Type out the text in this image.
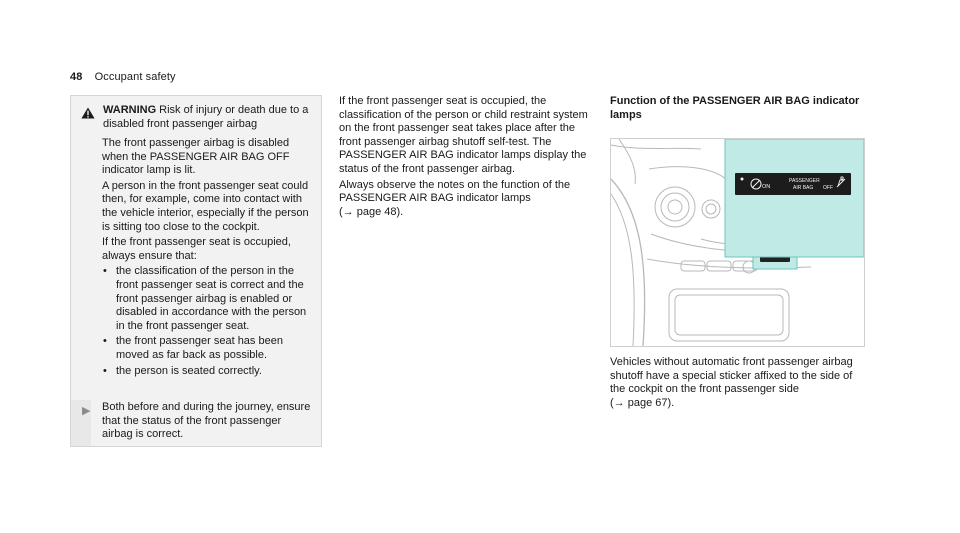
48 Occupant safety

WARNING Risk of injury or death due to a disabled front passenger airbag

The front passenger airbag is disabled when the PASSENGER AIR BAG OFF indicator lamp is lit.

A person in the front passenger seat could then, for example, come into contact with the vehicle interior, especially if the person is sitting too close to the cockpit.

If the front passenger seat is occupied, always ensure that:

• the classification of the person in the front passenger seat is correct and the front passenger airbag is enabled or disabled in accordance with the person in the front passenger seat.
• the front passenger seat has been moved as far back as possible.
• the person is seated correctly.
▶ Both before and during the journey, ensure that the status of the front passenger airbag is correct.

If the front passenger seat is occupied, the classification of the person or child restraint system on the front passenger seat takes place after the front passenger airbag shutoff self-test. The PASSENGER AIR BAG indicator lamps display the status of the front passenger airbag.

Always observe the notes on the function of the PASSENGER AIR BAG indicator lamps
(→ page 48).

Function of the PASSENGER AIR BAG indicator lamps

ON
PASSENGER
AIR BAG OFF

Vehicles without automatic front passenger airbag shutoff have a special sticker affixed to the side of the cockpit on the front passenger side
(→ page 67).
